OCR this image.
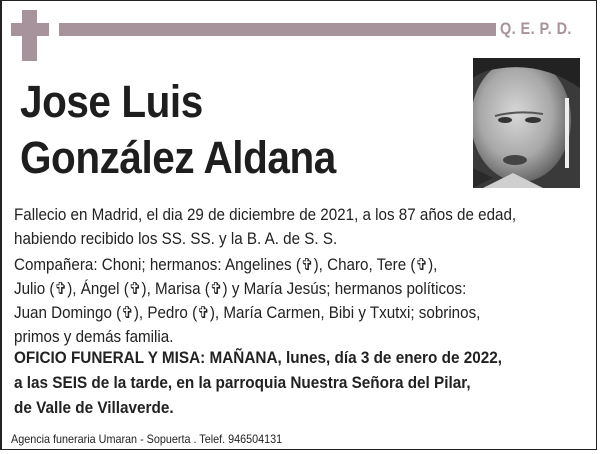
Q. E. P. D.
Jose Luis
González Aldana
Fallecio en Madrid, el dia 29 de diciembre de 2021, a los 87 años de edad,
habiendo recibido los SS. SS. y la B. A. de S. S.
Compañera: Choni; hermanos: Angelines (✞), Charo, Tere (✞),
Julio (✞), Ángel (✞), Marisa (✞) y María Jesús; hermanos políticos:
Juan Domingo (✞), Pedro (✞), María Carmen, Bibi y Txutxi; sobrinos,
primos y demás familia.
OFICIO FUNERAL Y MISA: MAÑANA, lunes, día 3 de enero de 2022,
a las SEIS de la tarde, en la parroquia Nuestra Señora del Pilar,
de Valle de Villaverde.
Agencia funeraria Umaran - Sopuerta . Telef. 946504131
